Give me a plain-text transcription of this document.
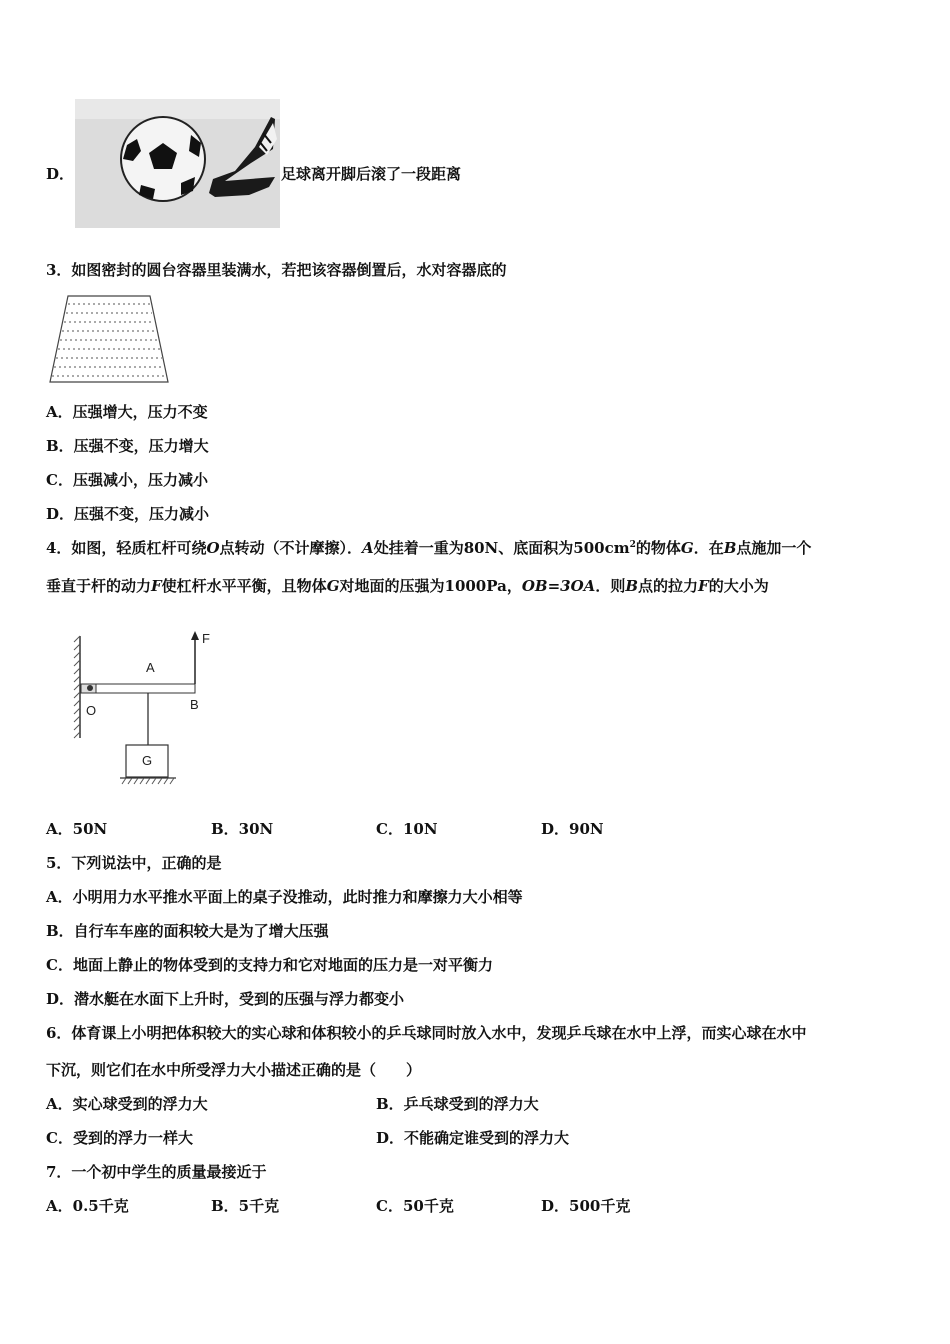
D．	足球离开脚后滚了一段距离
3．如图密封的圆台容器里装满水，若把该容器倒置后，水对容器底的
A．压强增大，压力不变
B．压强不变，压力增大
C．压强减小，压力减小
D．压强不变，压力减小
4．如图，轻质杠杆可绕O点转动（不计摩擦）．A处挂着一重为80N、底面积为$500cm^2$的物体G．在B点施加一个
垂直于杆的动力F使杠杆水平平衡，且物体G对地面的压强为1000Pa，OB=3OA．则B点的拉力F的大小为
F
A
O	B
G
A．50N	B．30N	C．10N	D．90N
5．下列说法中，正确的是
A．小明用力水平推水平面上的桌子没推动，此时推力和摩擦力大小相等
B．自行车车座的面积较大是为了增大压强
C．地面上静止的物体受到的支持力和它对地面的压力是一对平衡力
D．潜水艇在水面下上升时，受到的压强与浮力都变小
6．体育课上小明把体积较大的实心球和体积较小的乒乓球同时放入水中，发现乒乓球在水中上浮，而实心球在水中
下沉，则它们在水中所受浮力大小描述正确的是（　　）
A．实心球受到的浮力大	B．乒乓球受到的浮力大
C．受到的浮力一样大	D．不能确定谁受到的浮力大
7．一个初中学生的质量最接近于
A．0.5千克	B．5千克	C．50千克	D．500千克
